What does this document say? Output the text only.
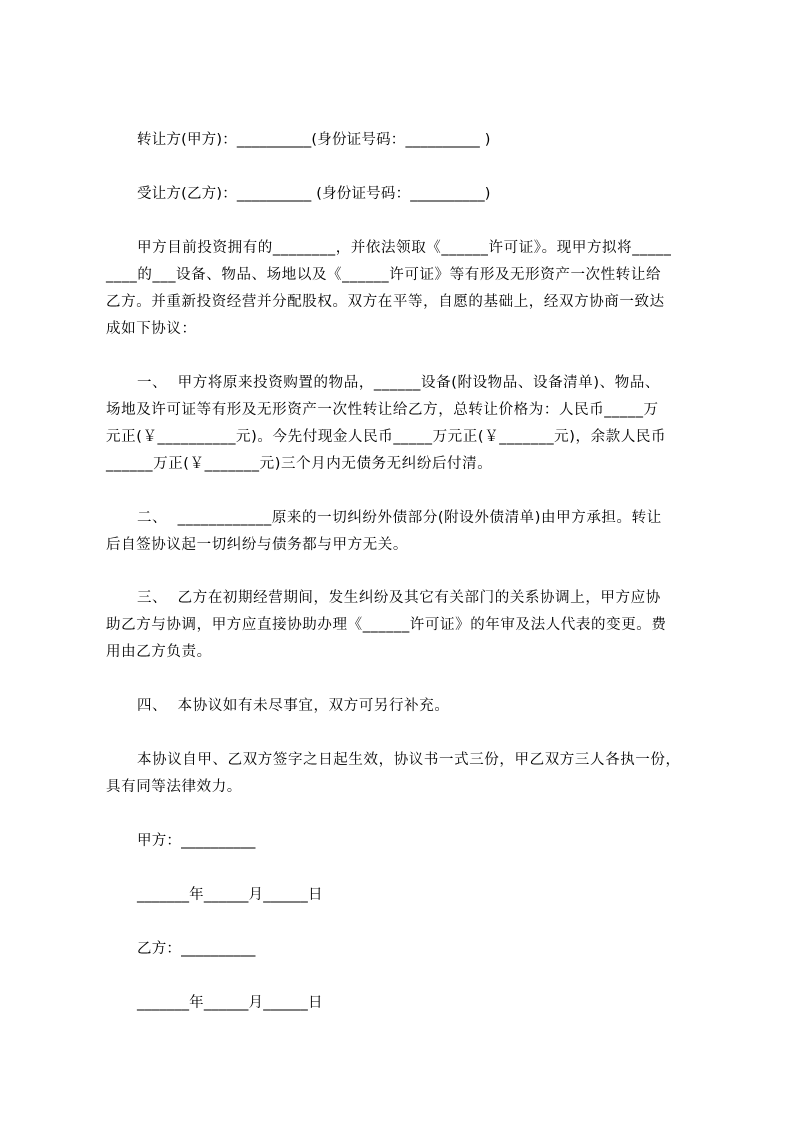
转让方(甲方)：__________(身份证号码：__________ )
受让方(乙方)：__________ (身份证号码：__________)
甲方目前投资拥有的________，并依法领取《______许可证》。现甲方拟将_____
____的___设备、物品、场地以及《______许可证》等有形及无形资产一次性转让给
乙方。并重新投资经营并分配股权。双方在平等，自愿的基础上，经双方协商一致达
成如下协议：
一、  甲方将原来投资购置的物品，______设备(附设物品、设备清单)、物品、
场地及许可证等有形及无形资产一次性转让给乙方，总转让价格为：人民币_____万
元正(￥__________元)。今先付现金人民币_____万元正(￥_______元)，余款人民币
______万正(￥_______元)三个月内无债务无纠纷后付清。
二、  ____________原来的一切纠纷外债部分(附设外债清单)由甲方承担。转让
后自签协议起一切纠纷与债务都与甲方无关。
三、  乙方在初期经营期间，发生纠纷及其它有关部门的关系协调上，甲方应协
助乙方与协调，甲方应直接协助办理《______许可证》的年审及法人代表的变更。费
用由乙方负责。
四、  本协议如有未尽事宜，双方可另行补充。
本协议自甲、乙双方签字之日起生效，协议书一式三份，甲乙双方三人各执一份，
具有同等法律效力。
甲方：__________
_______年______月______日
乙方：__________
_______年______月______日
